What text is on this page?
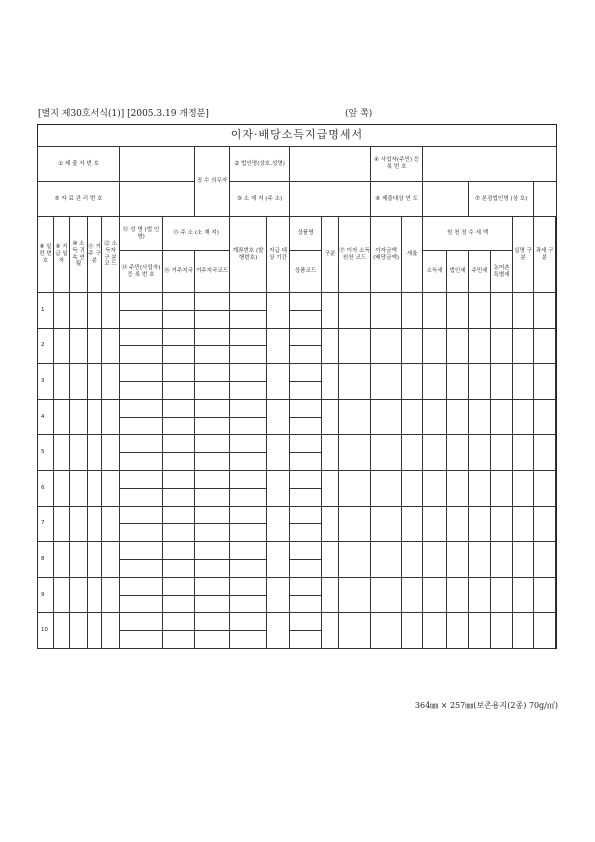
[별지 제30호서식(1)] [2005.3.19 개정분]	(앞 쪽)
이자·배당소득지급명세서
① 제 출 자 번 호							징 수 의무자	② 법인명(상호,성명)					④ 사업자(주민) 등 록 번 호							
⑤ 자 료 관 리 번 호								③ 소 재 지 (주 소)					⑥ 제출대상 연 도				⑦ 본점법인명 (상 호)			
⑧ 일련 번호	⑨ 지급 일자	⑩ 소득 귀속 연월	⑪ 거주 구분	⑫ 소득자 구 분 코 드	⑬ 성 명 (법 인 명)	⑮ 주 소 (소 재 지)		계좌번호 (발행번호)	지급 대상 기간	상품명	구분	⑰ 이자 소득 원천 코드	이자금액 (배당금액)	세율	원 천 징 수 세 액				실명 구분	과세 구분
					⑭ 주민(사업자) 등 록 번 호	⑯ 거주지국	거주지국코드			상품코드					소득세	법인세	주민세	농어촌특별세		
1					

2					

3					

4					

5					

6					

7					

8					

9					

10					

364㎜ × 257㎜(보존용지(2종) 70g/㎡)
